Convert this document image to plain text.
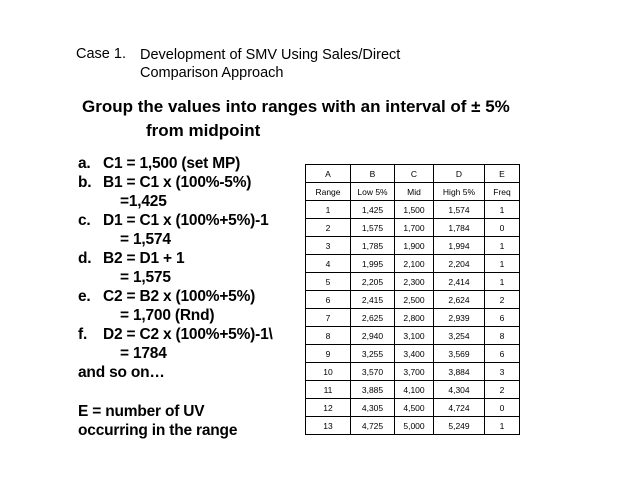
Case 1. Development of SMV Using Sales/Direct
Comparison Approach
Group the values into ranges with an interval of ± 5%
from midpoint
a. C1 = 1,500 (set MP)
b. B1 = C1 x (100%-5%)
=1,425
c. D1 = C1 x (100%+5%)-1
= 1,574
d. B2 = D1 + 1
= 1,575
e. C2 = B2 x (100%+5%)
= 1,700 (Rnd)
f.	D2 = C2 x (100%+5%)-1\
= 1784
and so on…
E = number of UV
occurring in the range
A	B	C	D	E
Range	Low 5%	Mid	High 5%	Freq
1	1,425	1,500	1,574	1
2	1,575	1,700	1,784	0
3	1,785	1,900	1,994	1
4	1,995	2,100	2,204	1
5	2,205	2,300	2,414	1
6	2,415	2,500	2,624	2
7	2,625	2,800	2,939	6
8	2,940	3,100	3,254	8
9	3,255	3,400	3,569	6
10	3,570	3,700	3,884	3
11	3,885	4,100	4,304	2
12	4,305	4,500	4,724	0
13	4,725	5,000	5,249	1
